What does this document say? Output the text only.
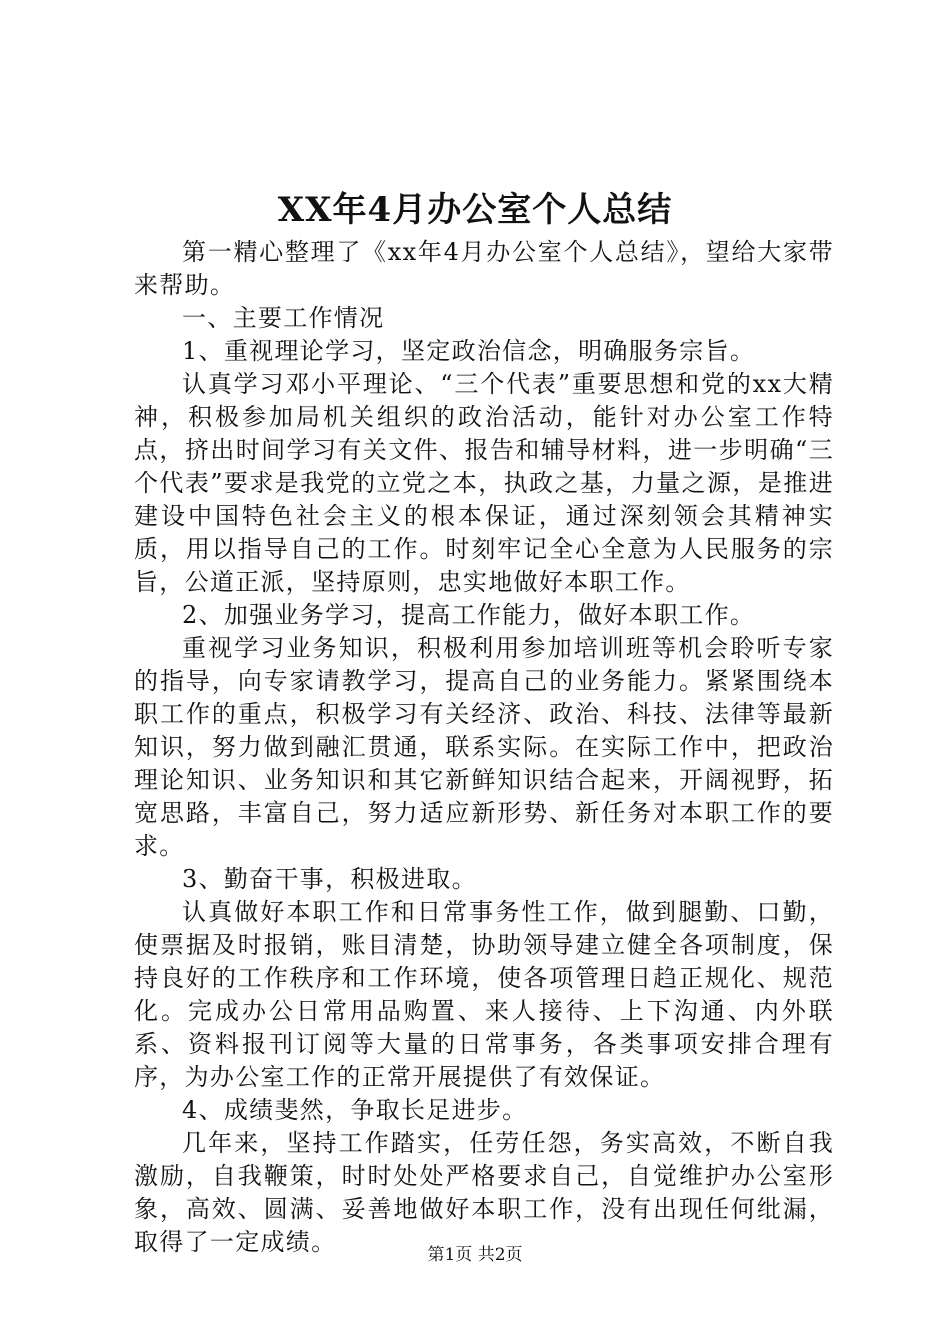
XX年4月办公室个人总结

第一精心整理了《xx年4月办公室个人总结》，望给大家带来帮助。

一、主要工作情况

1、重视理论学习，坚定政治信念，明确服务宗旨。

认真学习邓小平理论、“三个代表”重要思想和党的xx大精神，积极参加局机关组织的政治活动，能针对办公室工作特点，挤出时间学习有关文件、报告和辅导材料，进一步明确“三个代表”要求是我党的立党之本，执政之基，力量之源，是推进建设中国特色社会主义的根本保证，通过深刻领会其精神实质，用以指导自己的工作。时刻牢记全心全意为人民服务的宗旨，公道正派，坚持原则，忠实地做好本职工作。

2、加强业务学习，提高工作能力，做好本职工作。

重视学习业务知识，积极利用参加培训班等机会聆听专家的指导，向专家请教学习，提高自己的业务能力。紧紧围绕本职工作的重点，积极学习有关经济、政治、科技、法律等最新知识，努力做到融汇贯通，联系实际。在实际工作中，把政治理论知识、业务知识和其它新鲜知识结合起来，开阔视野，拓宽思路，丰富自己，努力适应新形势、新任务对本职工作的要求。

3、勤奋干事，积极进取。

认真做好本职工作和日常事务性工作，做到腿勤、口勤，使票据及时报销，账目清楚，协助领导建立健全各项制度，保持良好的工作秩序和工作环境，使各项管理日趋正规化、规范化。完成办公日常用品购置、来人接待、上下沟通、内外联系、资料报刊订阅等大量的日常事务，各类事项安排合理有序，为办公室工作的正常开展提供了有效保证。

4、成绩斐然，争取长足进步。

几年来，坚持工作踏实，任劳任怨，务实高效，不断自我激励，自我鞭策，时时处处严格要求自己，自觉维护办公室形象，高效、圆满、妥善地做好本职工作，没有出现任何纰漏，取得了一定成绩。	第1页 共2页
